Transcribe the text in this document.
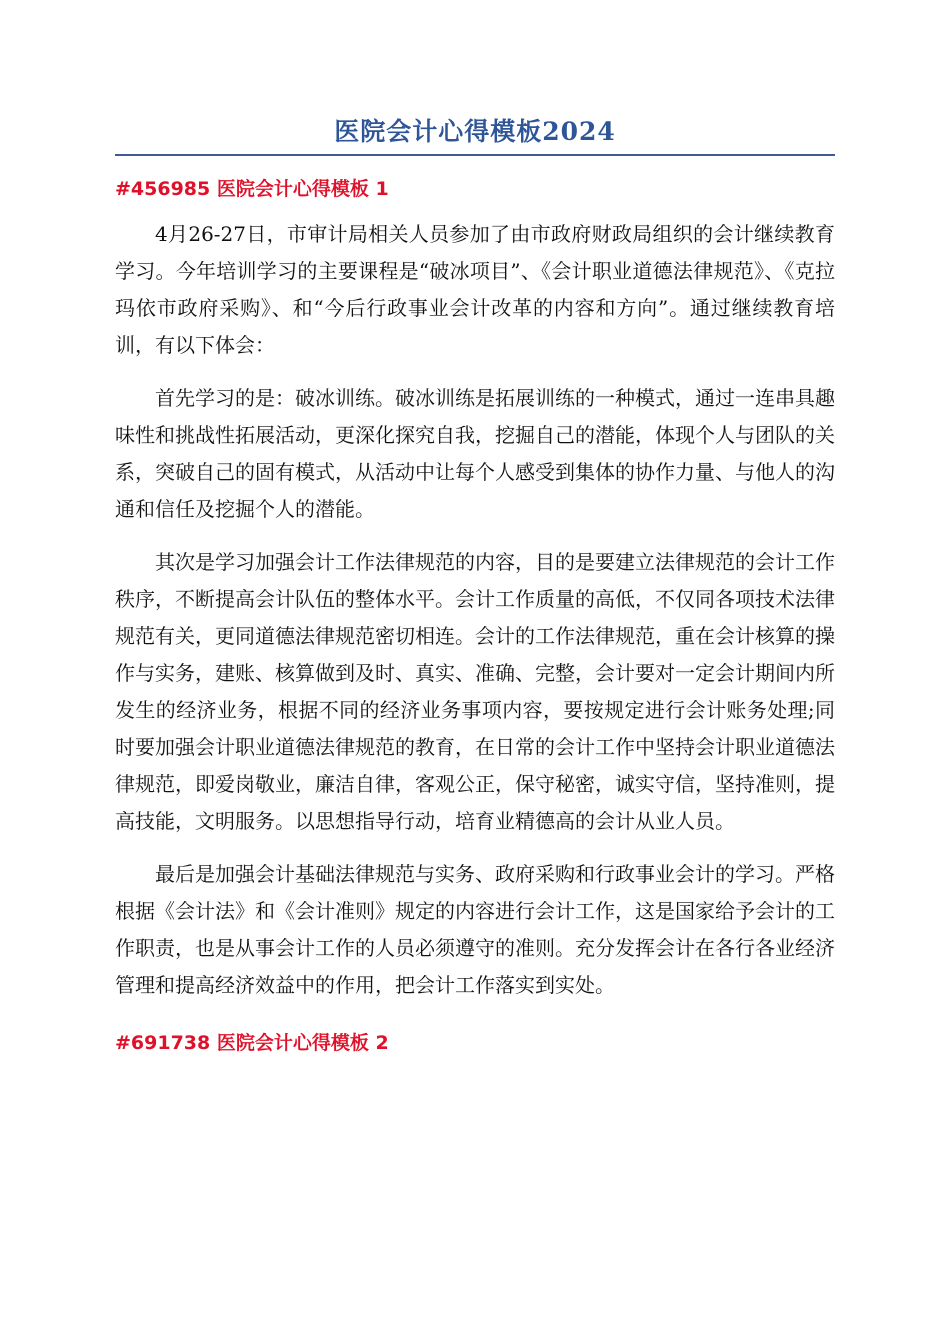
医院会计心得模板2024
#456985 医院会计心得模板 1

4月26-27日，市审计局相关人员参加了由市政府财政局组织的会计继续教育学习。今年培训学习的主要课程是“破冰项目”、《会计职业道德法律规范》、《克拉玛依市政府采购》、和“今后行政事业会计改革的内容和方向”。通过继续教育培训，有以下体会：

首先学习的是：破冰训练。破冰训练是拓展训练的一种模式，通过一连串具趣味性和挑战性拓展活动，更深化探究自我，挖掘自己的潜能，体现个人与团队的关系，突破自己的固有模式，从活动中让每个人感受到集体的协作力量、与他人的沟通和信任及挖掘个人的潜能。

其次是学习加强会计工作法律规范的内容，目的是要建立法律规范的会计工作秩序，不断提高会计队伍的整体水平。会计工作质量的高低，不仅同各项技术法律规范有关，更同道德法律规范密切相连。会计的工作法律规范，重在会计核算的操作与实务，建账、核算做到及时、真实、准确、完整，会计要对一定会计期间内所发生的经济业务，根据不同的经济业务事项内容，要按规定进行会计账务处理;同时要加强会计职业道德法律规范的教育，在日常的会计工作中坚持会计职业道德法律规范，即爱岗敬业，廉洁自律，客观公正，保守秘密，诚实守信，坚持准则，提高技能，文明服务。以思想指导行动，培育业精德高的会计从业人员。

最后是加强会计基础法律规范与实务、政府采购和行政事业会计的学习。严格根据《会计法》和《会计准则》规定的内容进行会计工作，这是国家给予会计的工作职责，也是从事会计工作的人员必须遵守的准则。充分发挥会计在各行各业经济管理和提高经济效益中的作用，把会计工作落实到实处。

#691738 医院会计心得模板 2
